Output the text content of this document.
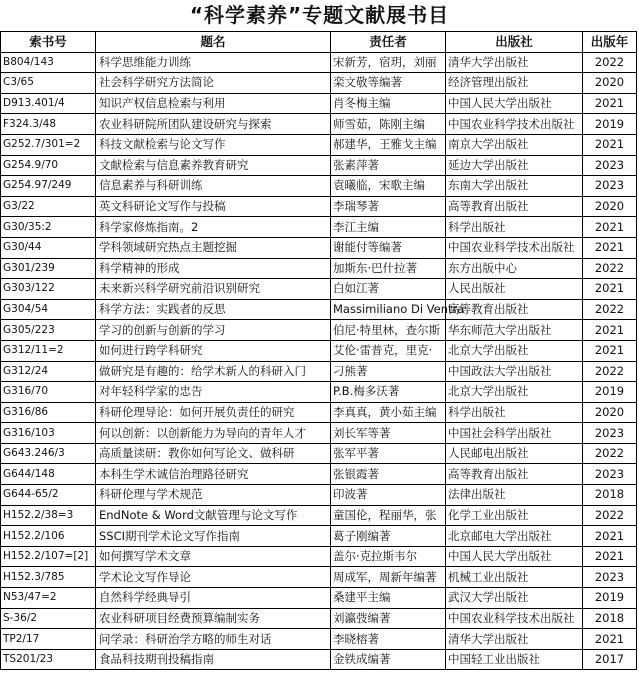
“科学素养”专题文献展书目
索书号	题名	责任者	出版社	出版年
B804/143	科学思维能力训练	宋新芳，宿玥，刘丽	清华大学出版社	2022
C3/65	社会科学研究方法简论	栾文敬等编著	经济管理出版社	2020
D913.401/4	知识产权信息检索与利用	肖冬梅主编	中国人民大学出版社	2021
F324.3/48	农业科研院所团队建设研究与探索	师雪茹，陈刚主编	中国农业科学技术出版社	2019
G252.7/301=2	科技文献检索与论文写作	郝建华，王雅戈主编	南京大学出版社	2021
G254.9/70	文献检索与信息素养教育研究	张素萍著	延边大学出版社	2023
G254.97/249	信息素养与科研训练	袁曦临，宋歌主编	东南大学出版社	2023
G3/22	英文科研论文写作与投稿	李瑞琴著	高等教育出版社	2020
G30/35:2	科学家修炼指南。2	李江主编	科学出版社	2021
G30/44	学科领域研究热点主题挖掘	谢能付等编著	中国农业科学技术出版社	2021
G301/239	科学精神的形成	加斯东·巴什拉著	东方出版中心	2022
G303/122	未来新兴科学研究前沿识别研究	白如江著	人民出版社	2021
G304/54	科学方法：实践者的反思	Massimiliano Di Ventra	高等教育出版社	2022
G305/223	学习的创新与创新的学习	伯尼·特里林，查尔斯	华东师范大学出版社	2021
G312/11=2	如何进行跨学科研究	艾伦·雷普克，里克·	北京大学出版社	2021
G312/24	做研究是有趣的：给学术新人的科研入门	刁熊著	中国政法大学出版社	2022
G316/70	对年轻科学家的忠告	P.B.梅多沃著	北京大学出版社	2019
G316/86	科研伦理导论：如何开展负责任的研究	李真真，黄小茹主编	科学出版社	2020
G316/103	何以创新：以创新能力为导向的青年人才	刘长军等著	中国社会科学出版社	2023
G643.246/3	高质量读研：教你如何写论文、做科研	张军平著	人民邮电出版社	2022
G644/148	本科生学术诚信治理路径研究	张银霞著	高等教育出版社	2023
G644-65/2	科研伦理与学术规范	印波著	法律出版社	2018
H152.2/38=3	EndNote & Word文献管理与论文写作	童国伦，程丽华，张	化学工业出版社	2022
H152.2/106	SSCI期刊学术论文写作指南	葛子刚编著	北京邮电大学出版社	2021
H152.2/107=[2]	如何撰写学术文章	盖尔·克拉斯韦尔	中国人民大学出版社	2021
H152.3/785	学术论文写作导论	周成军，周新年编著	机械工业出版社	2023
N53/47=2	自然科学经典导引	桑建平主编	武汉大学出版社	2019
S-36/2	农业科研项目经费预算编制实务	刘瀛弢编著	中国农业科学技术出版社	2018
TP2/17	问学录：科研治学方略的师生对话	李晓榕著	清华大学出版社	2021
TS201/23	食品科技期刊投稿指南	金铁成编著	中国轻工业出版社	2017
